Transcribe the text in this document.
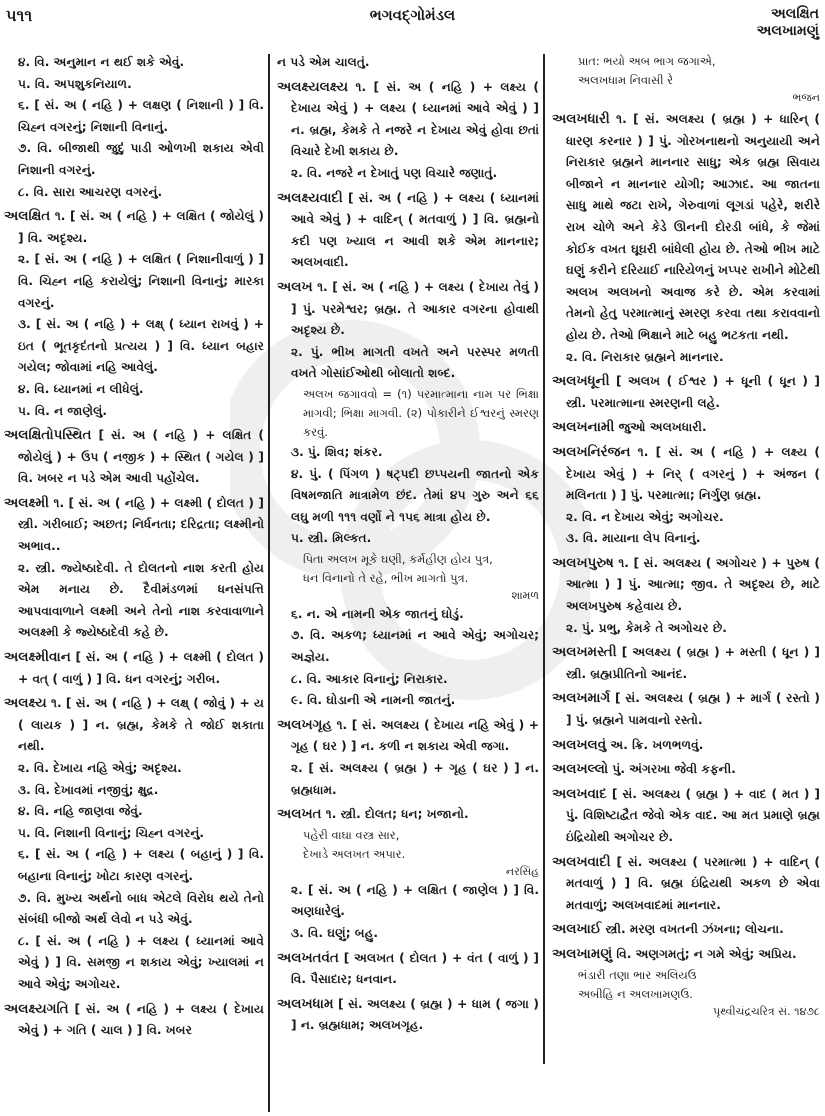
૫૧૧	ભગવદ્ગોમંડલ	અલક્ષિત
અલખામણું
૪. વિ. અનુમાન ન થઈ શકે એવું.
૫. વિ. અપશુકનિયાળ.
૬. [ સં. અ ( નહિ ) + લક્ષણ ( નિશાની ) ] વિ. ચિહ્ન વગરનું; નિશાની વિનાનું.
૭. વિ. બીજાથી જુદું પાડી ઓળખી શકાય એવી નિશાની વગરનું.
૮. વિ. સારા આચરણ વગરનું.
અલક્ષિત ૧. [ સં. અ ( નહિ ) + લક્ષિત ( જોયેલું ) ] વિ. અદૃશ્ય.
૨. [ સં. અ ( નહિ ) + લક્ષિત ( નિશાનીવાળું ) ] વિ. ચિહ્ન નહિ કરાયેલું; નિશાની વિનાનું; મારકા વગરનું.
૩. [ સં. અ ( નહિ ) + લક્ષ્ ( ધ્યાન રાખવું ) + ઇત ( ભૂતકૃદંતનો પ્રત્યય ) ] વિ. ધ્યાન બહાર ગયેલ; જોવામાં નહિ આવેલું.
૪. વિ. ધ્યાનમાં ન લીધેલું.
૫. વિ. ન જાણેલું.
અલક્ષિતોપસ્થિત [ સં. અ ( નહિ ) + લક્ષિત ( જોયેલું ) + ઉપ ( નજીક ) + સ્થિત ( ગયેલ ) ] વિ. ખબર ન પડે એમ આવી પહોંચેલ.
અલક્ષ્મી ૧. [ સં. અ ( નહિ ) + લક્ષ્મી ( દોલત ) ] સ્ત્રી. ગરીબાઈ; અછત; નિર્ધનતા; દરિદ્રતા; લક્ષ્મીનો અભાવ..
૨. સ્ત્રી. જ્યેષ્ઠાદેવી. તે દોલતનો નાશ કરતી હોય એમ મનાય છે. દૈવીમંડળમાં ધનસંપત્તિ આપવાવાળાને લક્ષ્મી અને તેનો નાશ કરવાવાળાને અલક્ષ્મી કે જ્યેષ્ઠાદેવી કહે છે.
અલક્ષ્મીવાન [ સં. અ ( નહિ ) + લક્ષ્મી ( દોલત ) + વત્ ( વાળું ) ] વિ. ધન વગરનું; ગરીબ.
અલક્ષ્ય ૧. [ સં. અ ( નહિ ) + લક્ષ્ ( જોવું ) + ય ( લાયક ) ] ન. બ્રહ્મ, કેમકે તે જોઈ શકાતા નથી.
૨. વિ. દેખાય નહિ એવું; અદૃશ્ય.
૩. વિ. દેખાવમાં નજીવું; ક્ષુદ્ર.
૪. વિ. નહિ જાણવા જેવું.
૫. વિ. નિશાની વિનાનું; ચિહ્ન વગરનું.
૬. [ સં. અ ( નહિ ) + લક્ષ્ય ( બહાનું ) ] વિ. બહાના વિનાનું; ખોટા કારણ વગરનું.
૭. વિ. મુખ્ય અર્થનો બાધ એટલે વિરોધ થયે તેનો સંબંધી બીજો અર્થ લેવો ન પડે એવું.
૮. [ સં. અ ( નહિ ) + લક્ષ્ય ( ધ્યાનમાં આવે એવું ) ] વિ. સમજી ન શકાય એવું; ખ્યાલમાં ન આવે એવું; અગોચર.
અલક્ષ્યગતિ [ સં. અ ( નહિ ) + લક્ષ્ય ( દેખાય એવું ) + ગતિ ( ચાલ ) ] વિ. ખબર
ન પડે એમ ચાલતું.
અલક્ષ્યલક્ષ્ય ૧. [ સં. અ ( નહિ ) + લક્ષ્ય ( દેખાય એવું ) + લક્ષ્ય ( ધ્યાનમાં આવે એવું ) ] ન. બ્રહ્મ, કેમકે તે નજરે ન દેખાય એવું હોવા છતાં વિચારે દેખી શકાય છે.
૨. વિ. નજરે ન દેખાતું પણ વિચારે જણાતું.
અલક્ષ્યવાદી [ સં. અ ( નહિ ) + લક્ષ્ય ( ધ્યાનમાં આવે એવું ) + વાદિન્ ( મતવાળું ) ] વિ. બ્રહ્મનો કદી પણ ખ્યાલ ન આવી શકે એમ માનનાર; અલખવાદી.
અલખ ૧. [ સં. અ ( નહિ ) + લક્ષ્ય ( દેખાય તેવું ) ] પું. પરમેશ્વર; બ્રહ્મ. તે આકાર વગરના હોવાથી અદૃશ્ય છે.
૨. પું. ભીખ માગતી વખતે અને પરસ્પર મળતી વખતે ગોસાંઈઓથી બોલાતો શબ્દ.
અલખ જગાવવો = (૧) પરમાત્માના નામ પર ભિક્ષા માગવી; ભિક્ષા માગવી. (૨) પોકારીને ઈશ્વરનું સ્મરણ કરવું.
૩. પું. શિવ; શંકર.
૪. પું. ( પિંગળ ) ષટ્પદી છપ્પયની જાતનો એક વિષમજાતિ માત્રામેળ છંદ. તેમાં ૪૫ ગુરુ અને ૬૬ લઘુ મળી ૧૧૧ વર્ણો ને ૧૫૬ માત્રા હોય છે.
૫. સ્ત્રી. મિલ્કત.
પિતા અલખ મૂકે ઘણી, કર્મહીણ હોય પુત્ર,
ધન વિનાનો તે રહે, ભીખ માગતો પુત્ર.
શામળ
૬. ન. એ નામની એક જાતનું ઘોડું.
૭. વિ. અકળ; ધ્યાનમાં ન આવે એવું; અગોચર; અજ્ઞેય.
૮. વિ. આકાર વિનાનું; નિરાકાર.
૯. વિ. ઘોડાની એ નામની જાતનું.
અલખગૃહ ૧. [ સં. અલક્ષ્ય ( દેખાય નહિ એવું ) + ગૃહ ( ઘર ) ] ન. કળી ન શકાય એવી જગા.
૨. [ સં. અલક્ષ્ય ( બ્રહ્મ ) + ગૃહ ( ઘર ) ] ન. બ્રહ્મધામ.
અલખત ૧. સ્ત્રી. દોલત; ધન; ખજાનો.
પહેરી વાઘા વસ્ત્ર સાર,
દેખાડે અલખત અપાર.
નરસિંહ
૨. [ સં. અ ( નહિ ) + લક્ષિત ( જાણેલ ) ] વિ. અણધારેલું.
૩. વિ. ઘણું; બહુ.
અલખતવંત [ અલખત ( દોલત ) + વંત ( વાળું ) ] વિ. પૈસાદાર; ધનવાન.
અલખધામ [ સં. અલક્ષ્ય ( બ્રહ્મ ) + ધામ ( જગા ) ] ન. બ્રહ્મધામ; અલખગૃહ.
પ્રાત: ભયો અબ ભાગ જગાએ,
અલખધામ નિવાસી રે
ભજન
અલખધારી ૧. [ સં. અલક્ષ્ય ( બ્રહ્મ ) + ધારિન્ ( ધારણ કરનાર ) ] પું. ગોરખનાથનો અનુયાયી અને નિરાકાર બ્રહ્મને માનનાર સાધુ; એક બ્રહ્મ સિવાય બીજાને ન માનનાર યોગી; આઝાદ. આ જાતના સાધુ માથે જટા રાખે, ગેરુવાળાં લૂગડાં પહેરે, શરીરે રાખ ચોળે અને કેડે ઊનની દોરડી બાંધે, કે જેમાં કોઈક વખત ઘૂઘરી બાંધેલી હોય છે. તેઓ ભીખ માટે ઘણું કરીને દરિયાઈ નારિયેળનું ખપ્પર રાખીને મોટેથી અલખ અલખનો અવાજ કરે છે. એમ કરવામાં તેમનો હેતુ પરમાત્માનું સ્મરણ કરવા તથા કરાવવાનો હોય છે. તેઓ ભિક્ષાને માટે બહુ ભટકતા નથી.
૨. વિ. નિરાકાર બ્રહ્મને માનનાર.
અલખધૂની [ અલખ ( ઈશ્વર ) + ધૂની ( ધૂન ) ] સ્ત્રી. પરમાત્માના સ્મરણની લહે.
અલખનામી જુઓ અલખધારી.
અલખનિરંજન ૧. [ સં. અ ( નહિ ) + લક્ષ્ય ( દેખાય એવું ) + નિર્ ( વગરનું ) + અંજન ( મલિનતા ) ] પું. પરમાત્મા; નિર્ગુણ બ્રહ્મ.
૨. વિ. ન દેખાય એવું; અગોચર.
૩. વિ. માયાના લેપ વિનાનું.
અલખપુરુષ ૧. [ સં. અલક્ષ્ય ( અગોચર ) + પુરુષ ( આત્મા ) ] પું. આત્મા; જીવ. તે અદૃશ્ય છે, માટે અલખપુરુષ કહેવાય છે.
૨. પું. પ્રભુ, કેમકે તે અગોચર છે.
અલખમસ્તી [ અલક્ષ્ય ( બ્રહ્મ ) + મસ્તી ( ધૂન ) ] સ્ત્રી. બ્રહ્મપ્રીતિનો આનંદ.
અલખમાર્ગ [ સં. અલક્ષ્ય ( બ્રહ્મ ) + માર્ગ ( રસ્તો ) ] પું. બ્રહ્મને પામવાનો રસ્તો.
અલખલવું અ. ક્રિ. ખળભળવું.
અલખલ્લો પું. અંગરખા જેવી કફની.
અલખવાદ [ સં. અલક્ષ્ય ( બ્રહ્મ ) + વાદ ( મત ) ] પું. વિશિષ્ટાદ્વૈત જેવો એક વાદ. આ મત પ્રમાણે બ્રહ્મ ઇંદ્રિયોથી અગોચર છે.
અલખવાદી [ સં. અલક્ષ્ય ( પરમાત્મા ) + વાદિન્ ( મતવાળું ) ] વિ. બ્રહ્મ ઇંદ્રિયથી અકળ છે એવા મતવાળું; અલખવાદમાં માનનાર.
અલખાઈ સ્ત્રી. મરણ વખતની ઝંખના; લોચના.
અલખામણું વિ. અણગમતું; ન ગમે એવું; અપ્રિય.
ભંડારી તણા ભાર અલિયઉ
અબીહિ ન અલખામણઉ.
પૃથ્વીચંદ્રચરિત્ર સં. ૧૪૭૮
